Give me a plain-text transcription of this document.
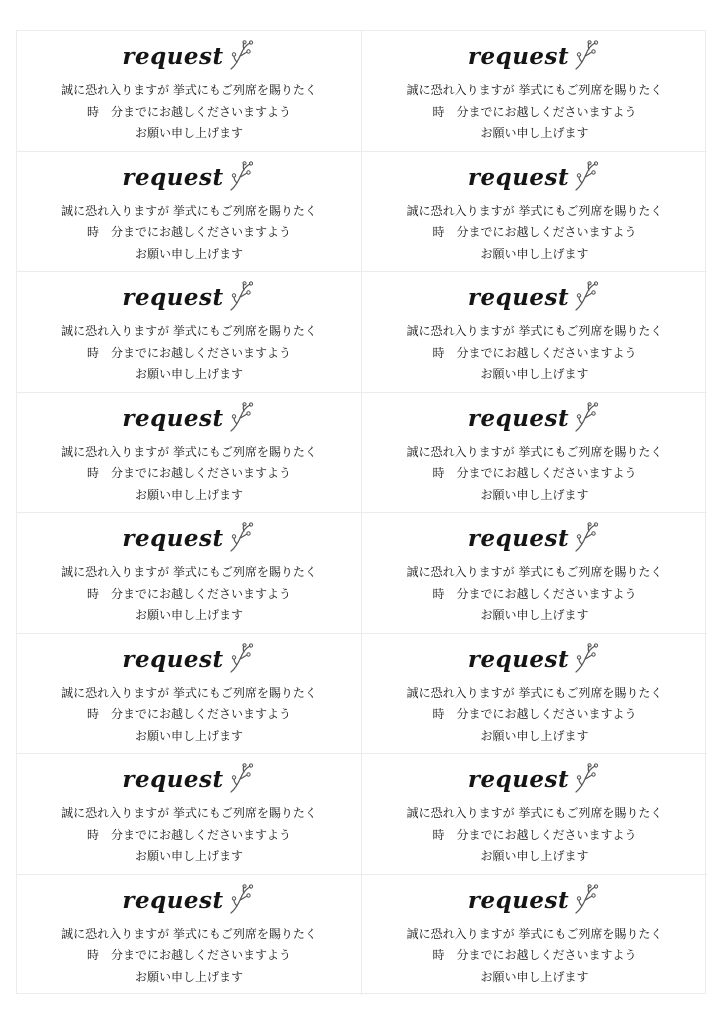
request
誠に恐れ入りますが 挙式にもご列席を賜りたく
時　分までにお越しくださいますよう
お願い申し上げます
request
誠に恐れ入りますが 挙式にもご列席を賜りたく
時　分までにお越しくださいますよう
お願い申し上げます
request
誠に恐れ入りますが 挙式にもご列席を賜りたく
時　分までにお越しくださいますよう
お願い申し上げます
request
誠に恐れ入りますが 挙式にもご列席を賜りたく
時　分までにお越しくださいますよう
お願い申し上げます
request
誠に恐れ入りますが 挙式にもご列席を賜りたく
時　分までにお越しくださいますよう
お願い申し上げます
request
誠に恐れ入りますが 挙式にもご列席を賜りたく
時　分までにお越しくださいますよう
お願い申し上げます
request
誠に恐れ入りますが 挙式にもご列席を賜りたく
時　分までにお越しくださいますよう
お願い申し上げます
request
誠に恐れ入りますが 挙式にもご列席を賜りたく
時　分までにお越しくださいますよう
お願い申し上げます
request
誠に恐れ入りますが 挙式にもご列席を賜りたく
時　分までにお越しくださいますよう
お願い申し上げます
request
誠に恐れ入りますが 挙式にもご列席を賜りたく
時　分までにお越しくださいますよう
お願い申し上げます
request
誠に恐れ入りますが 挙式にもご列席を賜りたく
時　分までにお越しくださいますよう
お願い申し上げます
request
誠に恐れ入りますが 挙式にもご列席を賜りたく
時　分までにお越しくださいますよう
お願い申し上げます
request
誠に恐れ入りますが 挙式にもご列席を賜りたく
時　分までにお越しくださいますよう
お願い申し上げます
request
誠に恐れ入りますが 挙式にもご列席を賜りたく
時　分までにお越しくださいますよう
お願い申し上げます
request
誠に恐れ入りますが 挙式にもご列席を賜りたく
時　分までにお越しくださいますよう
お願い申し上げます
request
誠に恐れ入りますが 挙式にもご列席を賜りたく
時　分までにお越しくださいますよう
お願い申し上げます
